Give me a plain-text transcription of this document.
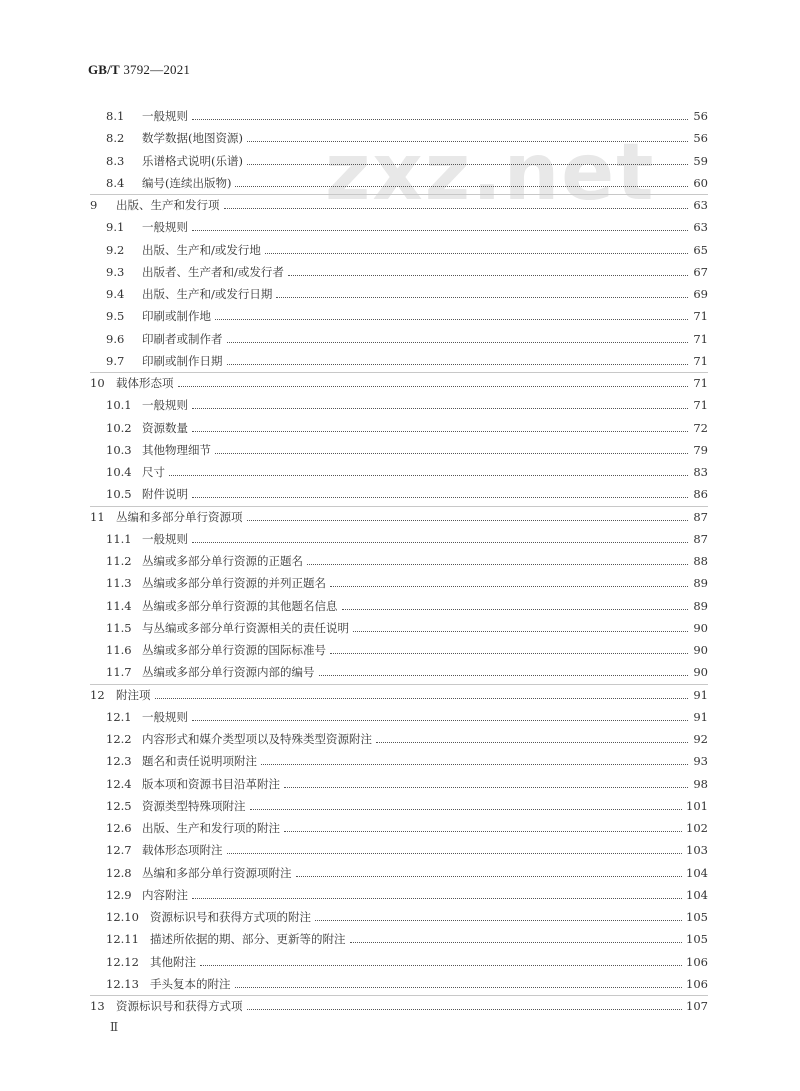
GB/T 3792—2021
zxz.net
8.1	一般规则	56
8.2	数学数据(地图资源)	56
8.3	乐谱格式说明(乐谱)	59
8.4	编号(连续出版物)	60
9	出版、生产和发行项	63
9.1	一般规则	63
9.2	出版、生产和/或发行地	65
9.3	出版者、生产者和/或发行者	67
9.4	出版、生产和/或发行日期	69
9.5	印刷或制作地	71
9.6	印刷者或制作者	71
9.7	印刷或制作日期	71
10 载体形态项	71
10.1 一般规则	71
10.2 资源数量	72
10.3 其他物理细节	79
10.4 尺寸	83
10.5 附件说明	86
11 丛编和多部分单行资源项	87
11.1 一般规则	87
11.2 丛编或多部分单行资源的正题名	88
11.3 丛编或多部分单行资源的并列正题名	89
11.4 丛编或多部分单行资源的其他题名信息	89
11.5 与丛编或多部分单行资源相关的责任说明	90
11.6 丛编或多部分单行资源的国际标准号	90
11.7 丛编或多部分单行资源内部的编号	90
12 附注项	91
12.1 一般规则	91
12.2 内容形式和媒介类型项以及特殊类型资源附注	92
12.3 题名和责任说明项附注	93
12.4 版本项和资源书目沿革附注	98
12.5 资源类型特殊项附注	101
12.6 出版、生产和发行项的附注	102
12.7 载体形态项附注	103
12.8 丛编和多部分单行资源项附注	104
12.9 内容附注	104
12.10 资源标识号和获得方式项的附注	105
12.11 描述所依据的期、部分、更新等的附注	105
12.12 其他附注	106
12.13 手头复本的附注	106
13 资源标识号和获得方式项	107
Ⅱ
